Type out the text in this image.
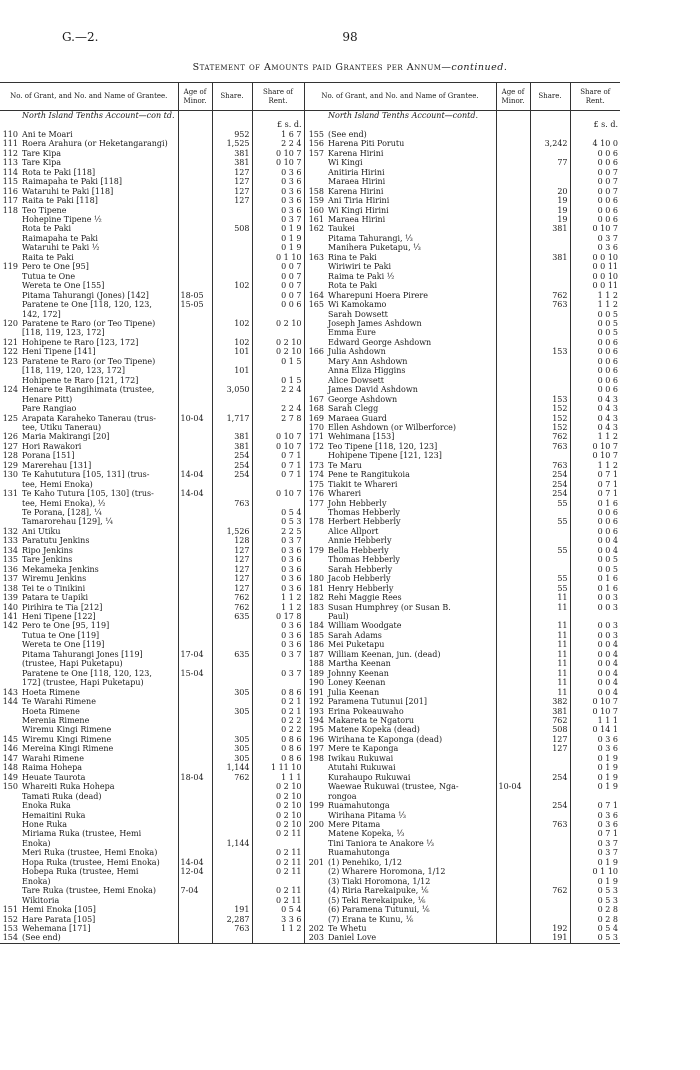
G.—2.	98
Statement of Amounts paid Grantees per Annum—continued.
No. of Grant, and No. and Name of Grantee.		Age of Minor.	Share.	Share of Rent.	No. of Grant, and No. and Name of Grantee.		Age of Minor.	Share.	Share of Rent.
	North Island Tenths Account—con td.					North Island Tenths Account—contd.			
				£ s. d.					£ s. d.
110	Ani te Moari		952	1 6 7	155	(See end)			
111	Roera Arahura (or Heketangarangi)		1,525	2 2 4	156	Harena Piti Porutu		3,242	4 10 0
112	Tare Kipa		381	0 10 7	157	Karena Hirini			0 0 6
113	Tare Kipa		381	0 10 7		Wi Kingi		77	0 0 6
114	Rota te Paki [118]		127	0 3 6		Anitiria Hirini			0 0 7
115	Raimapaha te Paki [118]		127	0 3 6		Maraea Hirini			0 0 7
116	Wataruhi te Paki [118]		127	0 3 6	158	Karena Hirini		20	0 0 7
117	Raita te Paki [118]		127	0 3 6	159	Ani Tiria Hirini		19	0 0 6
118	Teo Tipene			0 3 6	160	Wi Kingi Hirini		19	0 0 6
	Hohepine Tipene ½			0 3 7	161	Maraea Hirini		19	0 0 6
	Rota te Paki		508	0 1 9	162	Taukei		381	0 10 7
	Raimapaha te Paki			0 1 9		Pitama Tahurangi, ⅓			0 3 7
	Wataruhi te Paki ½			0 1 9		Manihera Puketapu, ⅓			0 3 6
	Raita te Paki			0 1 10	163	Rina te Paki		381	0 0 10
119	Pero te One [95]			0 0 7		Wiriwiri te Paki			0 0 11
	Tutua te One			0 0 7		Raima te Paki ½			0 0 10
	Wereta te One [155]		102	0 0 7		Rota te Paki			0 0 11
	Pitama Tahurangi (Jones) [142]	18-05		0 0 7	164	Wharepuni Hoera Pirere		762	1 1 2
	Paratene te One [118, 120, 123,	15-05		0 0 6	165	Wi Kamokamo		763	1 1 2
	142, 172]					Sarah Dowsett			0 0 5
120	Paratene te Raro (or Teo Tipene)		102	0 2 10		Joseph James Ashdown			0 0 5
	[118, 119, 123, 172]					Emma Eure			0 0 5
121	Hohipene te Raro [123, 172]		102	0 2 10		Edward George Ashdown			0 0 6
122	Heni Tipene [141]		101	0 2 10	166	Julia Ashdown		153	0 0 6
123	Paratene te Raro (or Teo Tipene)			0 1 5		Mary Ann Ashdown			0 0 6
	[118, 119, 120, 123, 172]		101			Anna Eliza Higgins			0 0 6
	Hohipene te Raro [121, 172]			0 1 5		Alice Dowsett			0 0 6
124	Henare te Rangihimata (trustee,		3,050	2 2 4		James David Ashdown			0 0 6
	Henare Pitt)				167	George Ashdown		153	0 4 3
	Pare Rangiao			2 2 4	168	Sarah Clegg		152	0 4 3
125	Arapata Karaheko Tanerau (trus-	10-04	1,717	2 7 8	169	Maraea Guard		152	0 4 3
	tee, Utiku Tanerau)				170	Ellen Ashdown (or Wilberforce)		152	0 4 3
126	Maria Makirangi [20]		381	0 10 7	171	Wehimana [153]		762	1 1 2
127	Hori Rawakori		381	0 10 7	172	Teo Tipene [118, 120, 123]		763	0 10 7
128	Porana [151]		254	0 7 1		Hohipene Tipene [121, 123]			0 10 7
129	Marerehau [131]		254	0 7 1	173	Te Maru		763	1 1 2
130	Te Kahututura [105, 131] (trus-	14-04	254	0 7 1	174	Pene te Rangitukoia		254	0 7 1
	tee, Hemi Enoka)				175	Tiakit te Whareri		254	0 7 1
131	Te Kaho Tutura [105, 130] (trus-	14-04		0 10 7	176	Whareri		254	0 7 1
	tee, Hemi Enoka), ½		763		177	John Hebberly		55	0 1 6
	Te Porana, [128], ¼			0 5 4		Thomas Hebberly			0 0 6
	Tamarorehau [129], ¼			0 5 3	178	Herbert Hebberly		55	0 0 6
132	Ani Utiku		1,526	2 2 5		Alice Allport			0 0 6
133	Paratutu Jenkins		128	0 3 7		Annie Hebberly			0 0 4
134	Ripo Jenkins		127	0 3 6	179	Bella Hebberly		55	0 0 4
135	Tare Jenkins		127	0 3 6		Thomas Hebberly			0 0 5
136	Mekameka Jenkins		127	0 3 6		Sarah Hebberly			0 0 5
137	Wiremu Jenkins		127	0 3 6	180	Jacob Hebberly		55	0 1 6
138	Tei te o Tinikini		127	0 3 6	181	Henry Hebberly		55	0 1 6
139	Patara te Uapiki		762	1 1 2	182	Rehi Maggie Rees		11	0 0 3
140	Pirihira te Tia [212]		762	1 1 2	183	Susan Humphrey (or Susan B.		11	0 0 3
141	Heni Tipene [122]		635	0 17 8		Paul)			
142	Pero te One [95, 119]			0 3 6	184	William Woodgate		11	0 0 3
	Tutua te One [119]			0 3 6	185	Sarah Adams		11	0 0 3
	Wereta te One [119]			0 3 6	186	Mei Puketapu		11	0 0 4
	Pitama Tahurangi Jones [119]	17-04	635	0 3 7	187	William Keenan, jun. (dead)		11	0 0 4
	(trustee, Hapi Puketapu)				188	Martha Keenan		11	0 0 4
	Paratene te One [118, 120, 123,	15-04		0 3 7	189	Johnny Keenan		11	0 0 4
	172] (trustee, Hapi Puketapu)				190	Loney Keenan		11	0 0 4
143	Hoeta Rimene		305	0 8 6	191	Julia Keenan		11	0 0 4
144	Te Warahi Rimene			0 2 1	192	Paramena Tutunui [201]		382	0 10 7
	Hoeta Rimene		305	0 2 1	193	Erina Pokeauwaho		381	0 10 7
	Merenia Rimene			0 2 2	194	Makareta te Ngatoru		762	1 1 1
	Wiremu Kingi Rimene			0 2 2	195	Matene Kopeka (dead)		508	0 14 1
145	Wiremu Kingi Rimene		305	0 8 6	196	Wirihana te Kaponga (dead)		127	0 3 6
146	Mereina Kingi Rimene		305	0 8 6	197	Mere te Kaponga		127	0 3 6
147	Warahi Rimene		305	0 8 6	198	Iwikau Rukuwai			0 1 9
148	Raima Hohepa		1,144	1 11 10		Atutahi Rukuwai			0 1 9
149	Heuate Taurota	18-04	762	1 1 1		Kurahaupo Rukuwai		254	0 1 9
150	Whareiti Ruka Hohepa			0 2 10		Waewae Rukuwai (trustee, Nga-	10-04		0 1 9
	Tamati Ruka (dead)			0 2 10		rongoa			
	Enoka Ruka			0 2 10	199	Ruamahutonga		254	0 7 1
	Hemaitini Ruka			0 2 10		Wirihana Pitama ⅓			0 3 6
	Hone Ruka			0 2 10	200	Mere Pitama		763	0 3 6
	Miriama Ruka (trustee, Hemi			0 2 11		Matene Kopeka, ⅓			0 7 1
	Enoka)		1,144			Tini Taniora te Anakore ⅓			0 3 7
	Meri Ruka (trustee, Hemi Enoka)			0 2 11		Ruamahutonga			0 3 7
	Hopa Ruka (trustee, Hemi Enoka)	14-04		0 2 11	201	(1) Penehiko, 1/12			0 1 9
	Hobepa Ruka (trustee, Hemi	12-04		0 2 11		(2) Wharere Horomona, 1/12			0 1 10
	Enoka)					(3) Tiaki Horomona, 1/12			0 1 9
	Tare Ruka (trustee, Hemi Enoka)	7-04		0 2 11		(4) Riria Rarekaipuke, ⅙		762	0 5 3
	Wikitoria			0 2 11		(5) Teki Rerekaipuke, ⅙			0 5 3
151	Hemi Enoka [105]		191	0 5 4		(6) Paramena Tutunui, ⅙			0 2 8
152	Hare Parata [105]		2,287	3 3 6		(7) Erana te Kunu, ⅙			0 2 8
153	Wehemana [171]		763	1 1 2	202	Te Whetu		192	0 5 4
154	(See end)				203	Daniel Love		191	0 5 3
